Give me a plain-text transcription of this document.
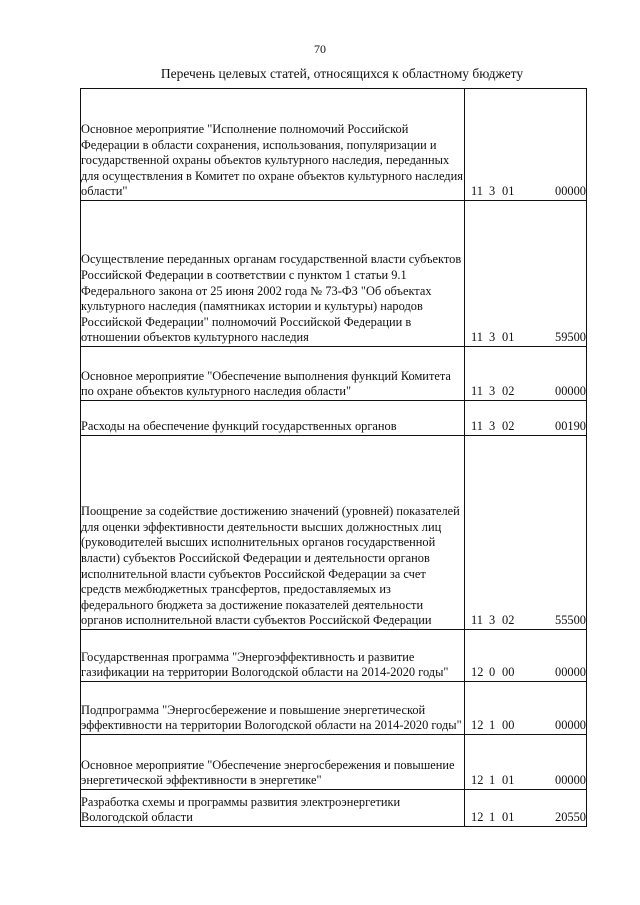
70
Перечень целевых статей, относящихся к областному бюджету
Основное мероприятие "Исполнение полномочий Российской Федерации в области сохранения, использования, популяризации и государственной охраны объектов культурного наследия, переданных для осуществления в Комитет по охране объектов культурного наследия области"	11 3 01 00000
Осуществление переданных органам государственной власти субъектов Российской Федерации в соответствии с пунктом 1 статьи 9.1 Федерального закона от 25 июня 2002 года № 73-ФЗ "Об объектах культурного наследия (памятниках истории и культуры) народов Российской Федерации" полномочий Российской Федерации в отношении объектов культурного наследия	11 3 01 59500
Основное мероприятие "Обеспечение выполнения функций Комитета по охране объектов культурного наследия области"	11 3 02 00000
Расходы на обеспечение функций государственных органов	11 3 02 00190
Поощрение за содействие достижению значений (уровней) показателей для оценки эффективности деятельности высших должностных лиц (руководителей высших исполнительных органов государственной власти) субъектов Российской Федерации и деятельности органов исполнительной власти субъектов Российской Федерации за счет средств межбюджетных трансфертов, предоставляемых из федерального бюджета за достижение показателей деятельности органов исполнительной власти субъектов Российской Федерации	11 3 02 55500
Государственная программа "Энергоэффективность и развитие газификации на территории Вологодской области на 2014-2020 годы"	12 0 00 00000
Подпрограмма "Энергосбережение и повышение энергетической эффективности на территории Вологодской области на 2014-2020 годы"	12 1 00 00000
Основное мероприятие "Обеспечение энергосбережения и повышение энергетической эффективности в энергетике"	12 1 01 00000
Разработка схемы и программы развития электроэнергетики Вологодской области	12 1 01 20550
